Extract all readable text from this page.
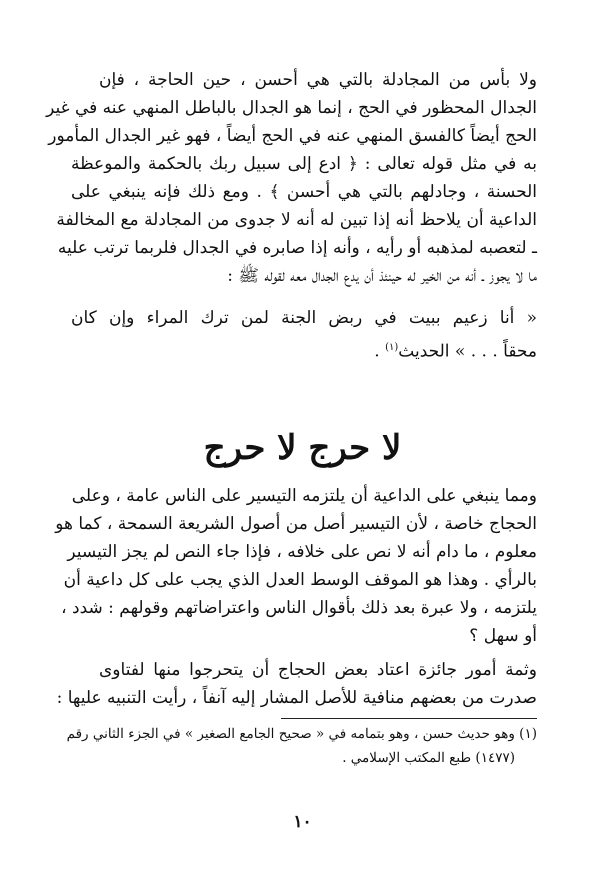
ولا بأس من المجادلة بالتي هي أحسن ، حين الحاجة ، فإن
الجدال المحظور في الحج ، إنما هو الجدال بالباطل المنهي عنه في غير
الحج أيضاً كالفسق المنهي عنه في الحج أيضاً ، فهو غير الجدال المأمور
به في مثل قوله تعالى : ﴿ ادع إلى سبيل ربك بالحكمة والموعظة
الحسنة ، وجادلهم بالتي هي أحسن ﴾ . ومع ذلك فإنه ينبغي على
الداعية أن يلاحظ أنه إذا تبين له أنه لا جدوى من المجادلة مع المخالفة
ـ لتعصبه لمذهبه أو رأيه ، وأنه إذا صابره في الجدال فلربما ترتب عليه
ما لا يجوز ـ أنه من الخير له حينئذ أن يدع الجدال معه لقوله ﷺ :
« أنا زعيم ببيت في ربض الجنة لمن ترك المراء وإن كان
محقاً . . . » الحديث$^{(١)}$ .
لا حرج لا حرج
ومما ينبغي على الداعية أن يلتزمه التيسير على الناس عامة ، وعلى
الحجاج خاصة ، لأن التيسير أصل من أصول الشريعة السمحة ، كما هو
معلوم ، ما دام أنه لا نص على خلافه ، فإذا جاء النص لم يجز التيسير
بالرأي . وهذا هو الموقف الوسط العدل الذي يجب على كل داعية أن
يلتزمه ، ولا عبرة بعد ذلك بأقوال الناس واعتراضاتهم وقولهم : شدد ،
أو سهل ؟
وثمة أمور جائزة اعتاد بعض الحجاج أن يتحرجوا منها لفتاوى
صدرت من بعضهم منافية للأصل المشار إليه آنفاً ، رأيت التنبيه عليها :
(١) وهو حديث حسن ، وهو بتمامه في « صحيح الجامع الصغير » في الجزء الثاني رقم
(١٤٧٧) طبع المكتب الإسلامي .
١٠
